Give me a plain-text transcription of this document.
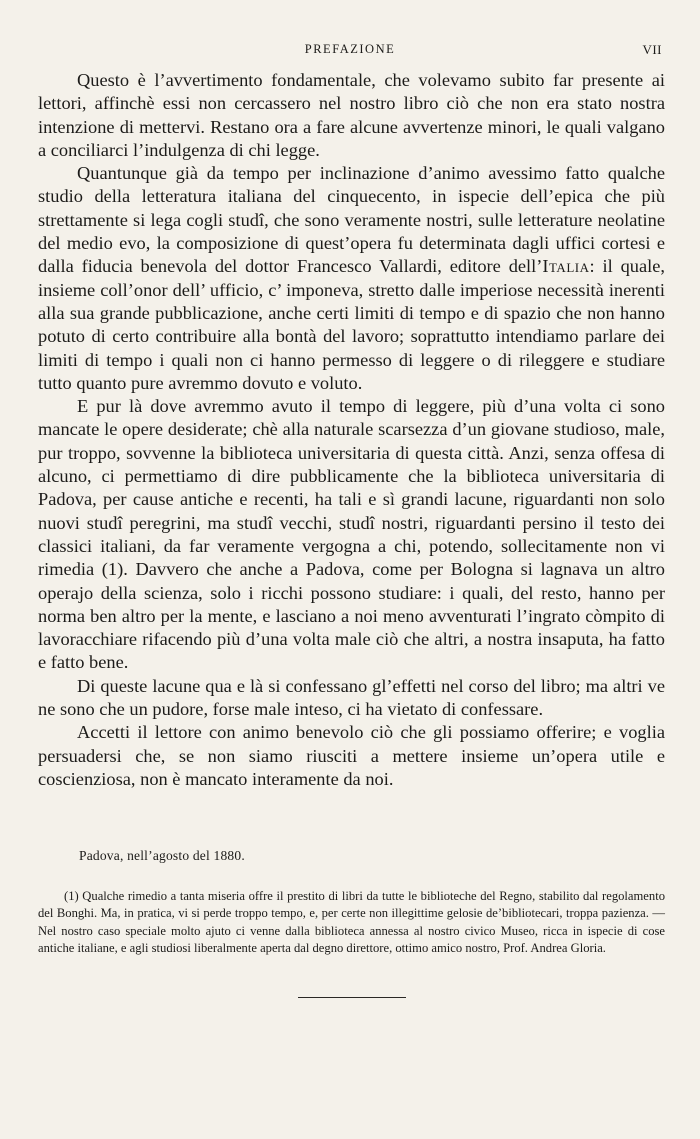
PREFAZIONE	VII

Questo è l’avvertimento fondamentale, che volevamo subito far presente ai lettori, affinchè essi non cercassero nel nostro libro ciò che non era stato nostra intenzione di mettervi. Restano ora a fare alcune avvertenze minori, le quali valgano a conciliarci l’indulgenza di chi legge.

Quantunque già da tempo per inclinazione d’animo avessimo fatto qualche studio della letteratura italiana del cinquecento, in ispecie dell’epica che più strettamente si lega cogli studî, che sono veramente nostri, sulle letterature neolatine del medio evo, la composizione di quest’opera fu determinata dagli uffici cortesi e dalla fiducia benevola del dottor Francesco Vallardi, editore dell’Italia: il quale, insieme coll’onor dell’ ufficio, c’ imponeva, stretto dalle imperiose necessità inerenti alla sua grande pubblicazione, anche certi limiti di tempo e di spazio che non hanno potuto di certo contribuire alla bontà del lavoro; soprattutto intendiamo parlare dei limiti di tempo i quali non ci hanno permesso di leggere o di rileggere e studiare tutto quanto pure avremmo dovuto e voluto.

E pur là dove avremmo avuto il tempo di leggere, più d’una volta ci sono mancate le opere desiderate; chè alla naturale scarsezza d’un giovane studioso, male, pur troppo, sovvenne la biblioteca universitaria di questa città. Anzi, senza offesa di alcuno, ci permettiamo di dire pubblicamente che la biblioteca universitaria di Padova, per cause antiche e recenti, ha tali e sì grandi lacune, riguardanti non solo nuovi studî peregrini, ma studî vecchi, studî nostri, riguardanti persino il testo dei classici italiani, da far veramente vergogna a chi, potendo, sollecitamente non vi rimedia (1). Davvero che anche a Padova, come per Bologna si lagnava un altro operajo della scienza, solo i ricchi possono studiare: i quali, del resto, hanno per norma ben altro per la mente, e lasciano a noi meno avventurati l’ingrato còmpito di lavoracchiare rifacendo più d’una volta male ciò che altri, a nostra insaputa, ha fatto e fatto bene.

Di queste lacune qua e là si confessano gl’effetti nel corso del libro; ma altri ve ne sono che un pudore, forse male inteso, ci ha vietato di confessare.

Accetti il lettore con animo benevolo ciò che gli possiamo offerire; e voglia persuadersi che, se non siamo riusciti a mettere insieme un’opera utile e coscienziosa, non è mancato interamente da noi.

Padova, nell’agosto del 1880.

(1) Qualche rimedio a tanta miseria offre il prestito di libri da tutte le biblioteche del Regno, stabilito dal regolamento del Bonghi. Ma, in pratica, vi si perde troppo tempo, e, per certe non illegittime gelosie de’bibliotecari, troppa pazienza. — Nel nostro caso speciale molto ajuto ci venne dalla biblioteca annessa al nostro civico Museo, ricca in ispecie di cose antiche italiane, e agli studiosi liberalmente aperta dal degno direttore, ottimo amico nostro, Prof. Andrea Gloria.
